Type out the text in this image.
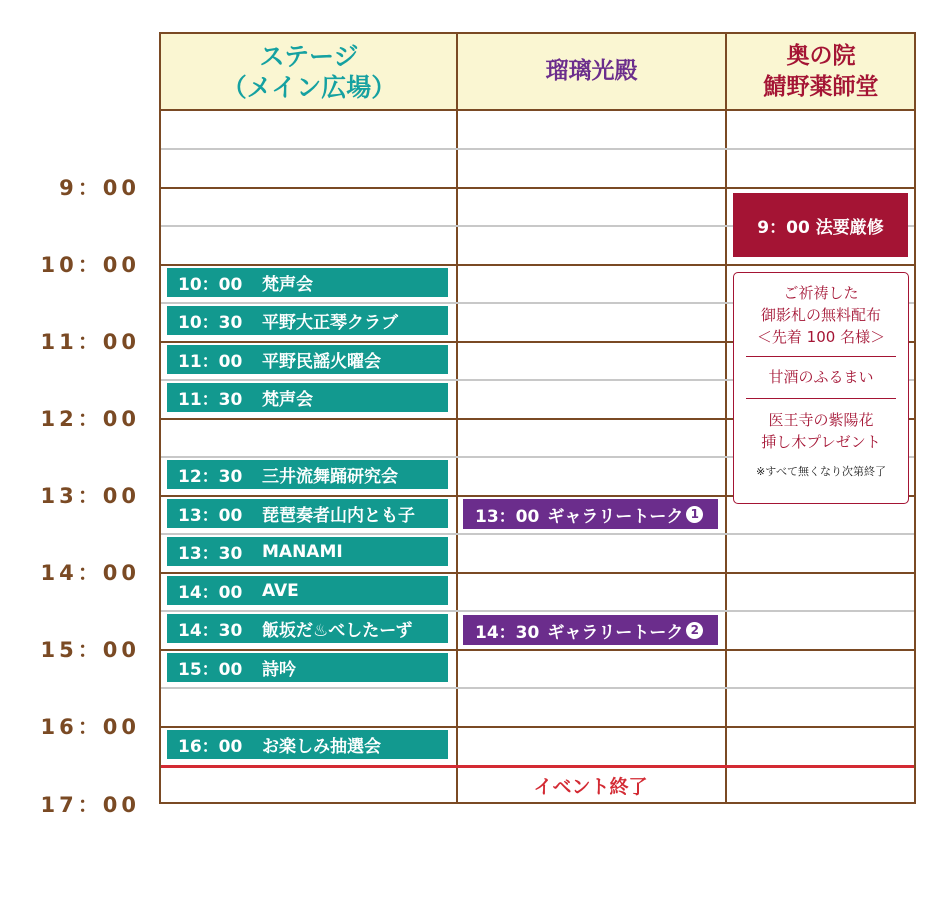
9：00
10：00
11：00
12：00
13：00
14：00
15：00
16：00
17：00
ステージ
（メイン広場）
瑠璃光殿
奥の院
鯖野薬師堂
10：00	梵声会
10：30	平野大正琴クラブ
11：00	平野民謡火曜会
11：30	梵声会
12：30	三井流舞踊研究会
13：00	琵琶奏者山内とも子
13：30	MANAMI
14：00	AVE
14：30	飯坂だ♨べしたーず
15：00	詩吟
16：00	お楽しみ抽選会
13：00 ギャラリートーク 1
14：30 ギャラリートーク 2
9：00 法要厳修
ご祈祷した
御影札の無料配布
＜先着 100 名様＞
甘酒のふるまい
医王寺の紫陽花
挿し木プレゼント
※すべて無くなり次第終了
イベント終了
